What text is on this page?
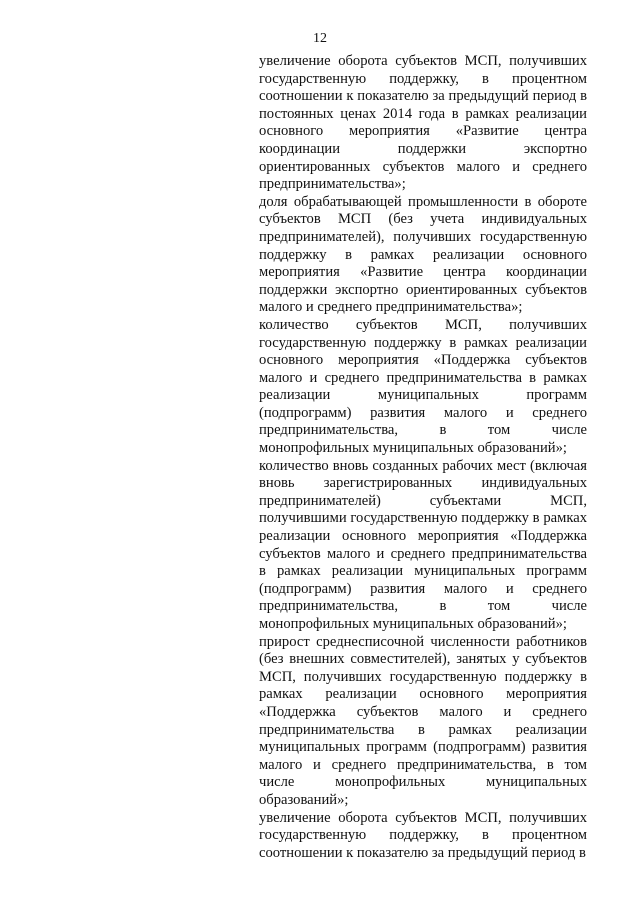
12

увеличение оборота субъектов МСП, получивших государственную поддержку, в процентном соотношении к показателю за предыдущий период в постоянных ценах 2014 года в рамках реализации основного мероприятия «Развитие центра координации поддержки экспортно ориентированных субъектов малого и среднего предпринимательства»;

доля обрабатывающей промышленности в обороте субъектов МСП (без учета индивидуальных предпринимателей), получивших государственную поддержку в рамках реализации основного мероприятия «Развитие центра координации поддержки экспортно ориентированных субъектов малого и среднего предпринимательства»;

количество субъектов МСП, получивших государственную поддержку в рамках реализации основного мероприятия «Поддержка субъектов малого и среднего предпринимательства в рамках реализации муниципальных программ (подпрограмм) развития малого и среднего предпринимательства, в том числе монопрофильных муниципальных образований»;

количество вновь созданных рабочих мест (включая вновь зарегистрированных индивидуальных предпринимателей) субъектами МСП, получившими государственную поддержку в рамках реализации основного мероприятия «Поддержка субъектов малого и среднего предпринимательства в рамках реализации муниципальных программ (подпрограмм) развития малого и среднего предпринимательства, в том числе монопрофильных муниципальных образований»;

прирост среднесписочной численности работников (без внешних совместителей), занятых у субъектов МСП, получивших государственную поддержку в рамках реализации основного мероприятия «Поддержка субъектов малого и среднего предпринимательства в рамках реализации муниципальных программ (подпрограмм) развития малого и среднего предпринимательства, в том числе монопрофильных муниципальных образований»;

увеличение оборота субъектов МСП, получивших государственную поддержку, в процентном соотношении к показателю за предыдущий период в
